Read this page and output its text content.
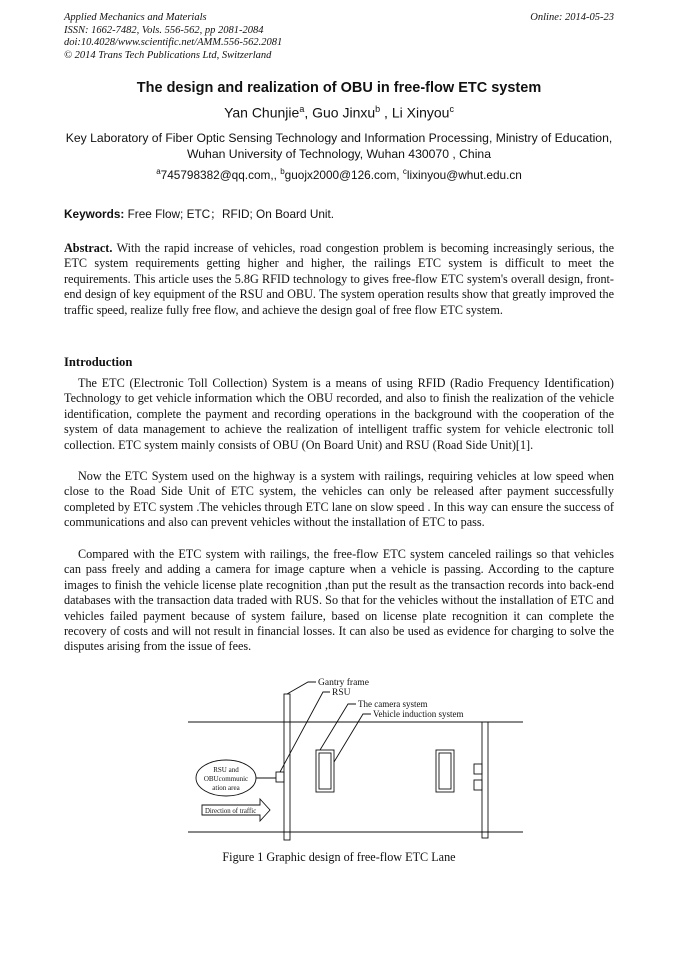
Applied Mechanics and Materials
ISSN: 1662-7482, Vols. 556-562, pp 2081-2084
doi:10.4028/www.scientific.net/AMM.556-562.2081
© 2014 Trans Tech Publications Ltd, Switzerland
Online: 2014-05-23
The design and realization of OBU in free-flow ETC system
Yan Chunjie$^a$, Guo Jinxu$^b$ , Li Xinyou$^c$
Key Laboratory of Fiber Optic Sensing Technology and Information Processing, Ministry of Education, Wuhan University of Technology, Wuhan 430070 , China
$^a$745798382@qq.com,, $^b$guojx2000@126.com, $^c$lixinyou@whut.edu.cn
Keywords: Free Flow; ETC；RFID; On Board Unit.
Abstract. With the rapid increase of vehicles, road congestion problem is becoming increasingly serious, the ETC system requirements getting higher and higher, the railings ETC system is difficult to meet the requirements. This article uses the 5.8G RFID technology to gives free-flow ETC system's overall design, front-end design of key equipment of the RSU and OBU. The system operation results show that greatly improved the traffic speed, realize fully free flow, and achieve the design goal of free flow ETC system.
Introduction
The ETC (Electronic Toll Collection) System is a means of using RFID (Radio Frequency Identification) Technology to get vehicle information which the OBU recorded, and also to finish the realization of the vehicle identification, complete the payment and recording operations in the background with the cooperation of the system of data management to achieve the realization of intelligent traffic system for vehicle electronic toll collection. ETC system mainly consists of OBU (On Board Unit) and RSU (Road Side Unit)[1].
Now the ETC System used on the highway is a system with railings, requiring vehicles at low speed when close to the Road Side Unit of ETC system, the vehicles can only be released after payment successfully completed by ETC system .The vehicles through ETC lane on slow speed . In this way can ensure the success of communications and also can prevent vehicles without the installation of ETC to pass.
Compared with the ETC system with railings, the free-flow ETC system canceled railings so that vehicles can pass freely and adding a camera for image capture when a vehicle is passing. According to the capture images to finish the vehicle license plate recognition ,than put the result as the transaction records into back-end databases with the transaction data traded with RUS. So that for the vehicles without the installation of ETC and vehicles failed payment because of system failure, based on license plate recognition it can complete the recovery of costs and will not result in financial losses. It can also be used as evidence for charging to solve the disputes arising from the issue of fees.
Gantry frame
RSU
The camera system
Vehicle induction system
RSU and
OBUcommunic
ation area
Direction of traffic
Figure 1 Graphic design of free-flow ETC Lane
